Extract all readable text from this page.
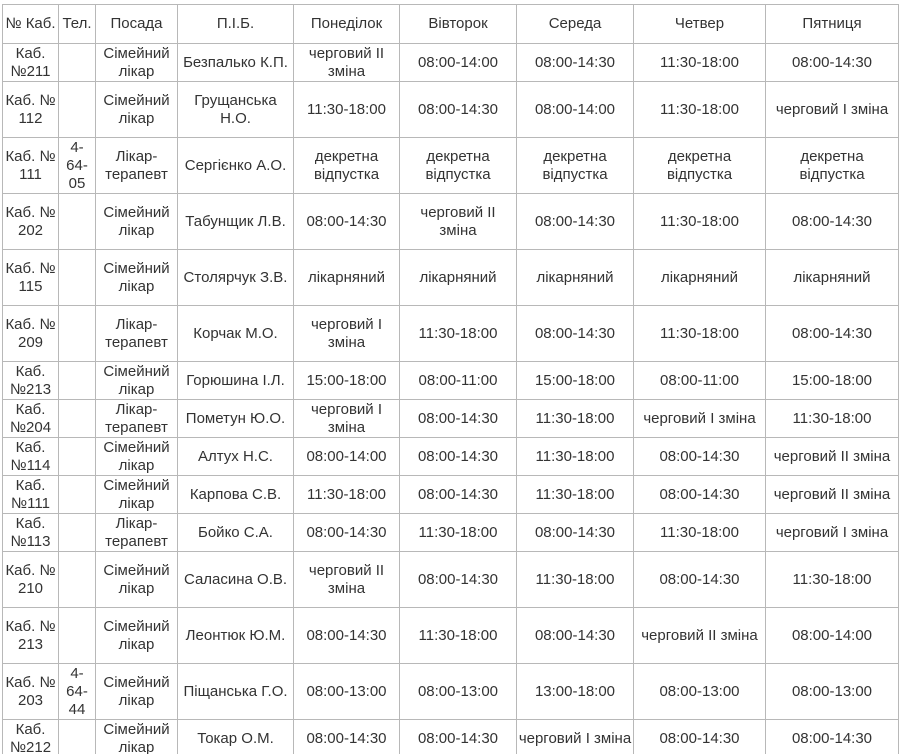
№ Каб.	Тел.	Посада	П.І.Б.	Понеділок	Вівторок	Середа	Четвер	Пятниця
Каб. №211		Сімейний лікар	Безпалько К.П.	черговий ІІ зміна	08:00-14:00	08:00-14:30	11:30-18:00	08:00-14:30
Каб. № 112		Сімейний лікар	Грущанська Н.О.	11:30-18:00	08:00-14:30	08:00-14:00	11:30-18:00	черговий І зміна
Каб. № 111	4-64-05	Лікар-терапевт	Сергієнко А.О.	декретна відпустка	декретна відпустка	декретна відпустка	декретна відпустка	декретна відпустка
Каб. № 202		Сімейний лікар	Табунщик Л.В.	08:00-14:30	черговий ІІ зміна	08:00-14:30	11:30-18:00	08:00-14:30
Каб. № 115		Сімейний лікар	Столярчук З.В.	лікарняний	лікарняний	лікарняний	лікарняний	лікарняний
Каб. № 209		Лікар-терапевт	Корчак М.О.	черговий І зміна	11:30-18:00	08:00-14:30	11:30-18:00	08:00-14:30
Каб. №213		Сімейний лікар	Горюшина І.Л.	15:00-18:00	08:00-11:00	15:00-18:00	08:00-11:00	15:00-18:00
Каб. №204		Лікар-терапевт	Пометун Ю.О.	черговий І зміна	08:00-14:30	11:30-18:00	черговий І зміна	11:30-18:00
Каб. №114		Сімейний лікар	Алтух Н.С.	08:00-14:00	08:00-14:30	11:30-18:00	08:00-14:30	черговий ІІ зміна
Каб. №111		Сімейний лікар	Карпова С.В.	11:30-18:00	08:00-14:30	11:30-18:00	08:00-14:30	черговий ІІ зміна
Каб. №113		Лікар-терапевт	Бойко С.А.	08:00-14:30	11:30-18:00	08:00-14:30	11:30-18:00	черговий І зміна
Каб. № 210		Сімейний лікар	Саласина О.В.	черговий ІІ зміна	08:00-14:30	11:30-18:00	08:00-14:30	11:30-18:00
Каб. № 213		Сімейний лікар	Леонтюк Ю.М.	08:00-14:30	11:30-18:00	08:00-14:30	черговий ІІ зміна	08:00-14:00
Каб. № 203	4-64-44	Сімейний лікар	Піщанська Г.О.	08:00-13:00	08:00-13:00	13:00-18:00	08:00-13:00	08:00-13:00
Каб. №212		Сімейний лікар	Токар О.М.	08:00-14:30	08:00-14:30	черговий І зміна	08:00-14:30	08:00-14:30
